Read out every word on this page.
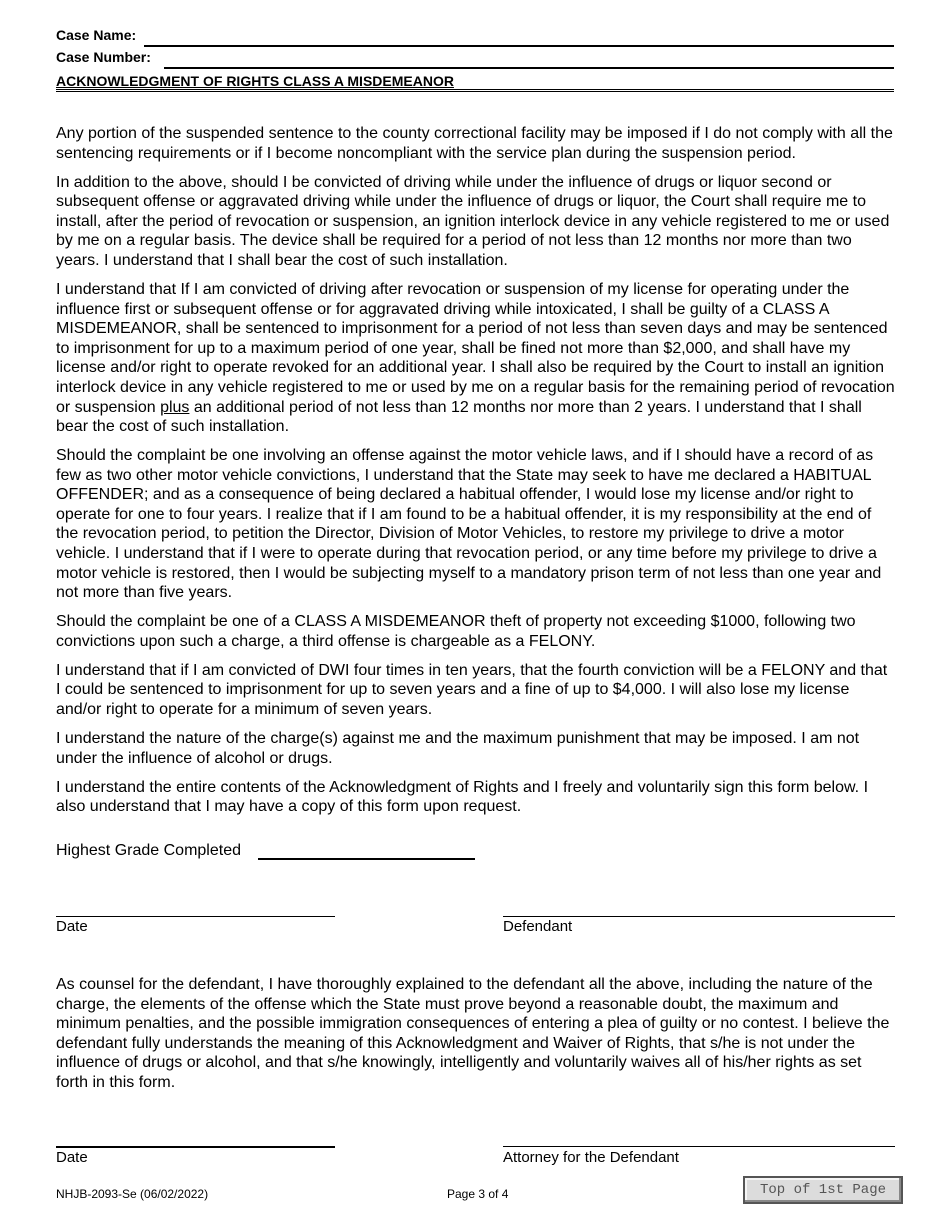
Case Name:
Case Number:
ACKNOWLEDGMENT OF RIGHTS CLASS A MISDEMEANOR

Any portion of the suspended sentence to the county correctional facility may be imposed if I do not comply with all the sentencing requirements or if I become noncompliant with the service plan during the suspension period.

In addition to the above, should I be convicted of driving while under the influence of drugs or liquor second or subsequent offense or aggravated driving while under the influence of drugs or liquor, the Court shall require me to install, after the period of revocation or suspension, an ignition interlock device in any vehicle registered to me or used by me on a regular basis. The device shall be required for a period of not less than 12 months nor more than two years. I understand that I shall bear the cost of such installation.

I understand that If I am convicted of driving after revocation or suspension of my license for operating under the influence first or subsequent offense or for aggravated driving while intoxicated, I shall be guilty of a CLASS A MISDEMEANOR, shall be sentenced to imprisonment for a period of not less than seven days and may be sentenced to imprisonment for up to a maximum period of one year, shall be fined not more than $2,000, and shall have my license and/or right to operate revoked for an additional year. I shall also be required by the Court to install an ignition interlock device in any vehicle registered to me or used by me on a regular basis for the remaining period of revocation or suspension plus an additional period of not less than 12 months nor more than 2 years. I understand that I shall bear the cost of such installation.

Should the complaint be one involving an offense against the motor vehicle laws, and if I should have a record of as few as two other motor vehicle convictions, I understand that the State may seek to have me declared a HABITUAL OFFENDER; and as a consequence of being declared a habitual offender, I would lose my license and/or right to operate for one to four years. I realize that if I am found to be a habitual offender, it is my responsibility at the end of the revocation period, to petition the Director, Division of Motor Vehicles, to restore my privilege to drive a motor vehicle. I understand that if I were to operate during that revocation period, or any time before my privilege to drive a motor vehicle is restored, then I would be subjecting myself to a mandatory prison term of not less than one year and not more than five years.

Should the complaint be one of a CLASS A MISDEMEANOR theft of property not exceeding $1000, following two convictions upon such a charge, a third offense is chargeable as a FELONY.

I understand that if I am convicted of DWI four times in ten years, that the fourth conviction will be a FELONY and that I could be sentenced to imprisonment for up to seven years and a fine of up to $4,000. I will also lose my license and/or right to operate for a minimum of seven years.

I understand the nature of the charge(s) against me and the maximum punishment that may be imposed. I am not under the influence of alcohol or drugs.

I understand the entire contents of the Acknowledgment of Rights and I freely and voluntarily sign this form below. I also understand that I may have a copy of this form upon request.

Highest Grade Completed
Date	Defendant

As counsel for the defendant, I have thoroughly explained to the defendant all the above, including the nature of the charge, the elements of the offense which the State must prove beyond a reasonable doubt, the maximum and minimum penalties, and the possible immigration consequences of entering a plea of guilty or no contest. I believe the defendant fully understands the meaning of this Acknowledgment and Waiver of Rights, that s/he is not under the influence of drugs or alcohol, and that s/he knowingly, intelligently and voluntarily waives all of his/her rights as set forth in this form.

Date	Attorney for the Defendant
NHJB-2093-Se (06/02/2022)	Page 3 of 4	Top of 1st Page
